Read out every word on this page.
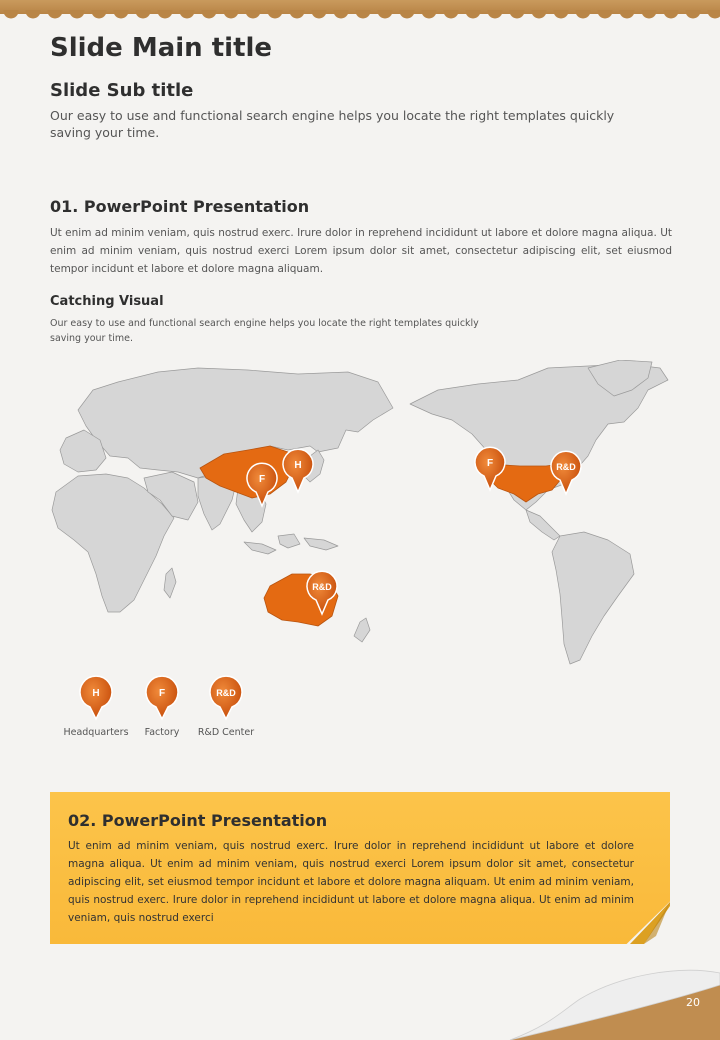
Slide Main title
Slide Sub title
Our easy to use and functional search engine helps you locate the right templates quickly saving your time.
01. PowerPoint Presentation
Ut enim ad minim veniam, quis nostrud exerc. Irure dolor in reprehend incididunt ut labore et dolore magna aliqua. Ut enim ad minim veniam, quis nostrud exerci Lorem ipsum dolor sit amet, consectetur adipiscing elit, set eiusmod tempor incidunt et labore et dolore magna aliquam.
Catching Visual
Our easy to use and functional search engine helps you locate the right templates quickly saving your time.
F
H
R&D
F	R&D
H
Headquarters
F
Factory
R&D
R&D Center
02. PowerPoint Presentation
Ut enim ad minim veniam, quis nostrud exerc. Irure dolor in reprehend incididunt ut labore et dolore magna aliqua. Ut enim ad minim veniam, quis nostrud exerci Lorem ipsum dolor sit amet, consectetur adipiscing elit, set eiusmod tempor incidunt et labore et dolore magna aliquam. Ut enim ad minim veniam, quis nostrud exerc. Irure dolor in reprehend incididunt ut labore et dolore magna aliqua. Ut enim ad minim veniam, quis nostrud exerci
20
